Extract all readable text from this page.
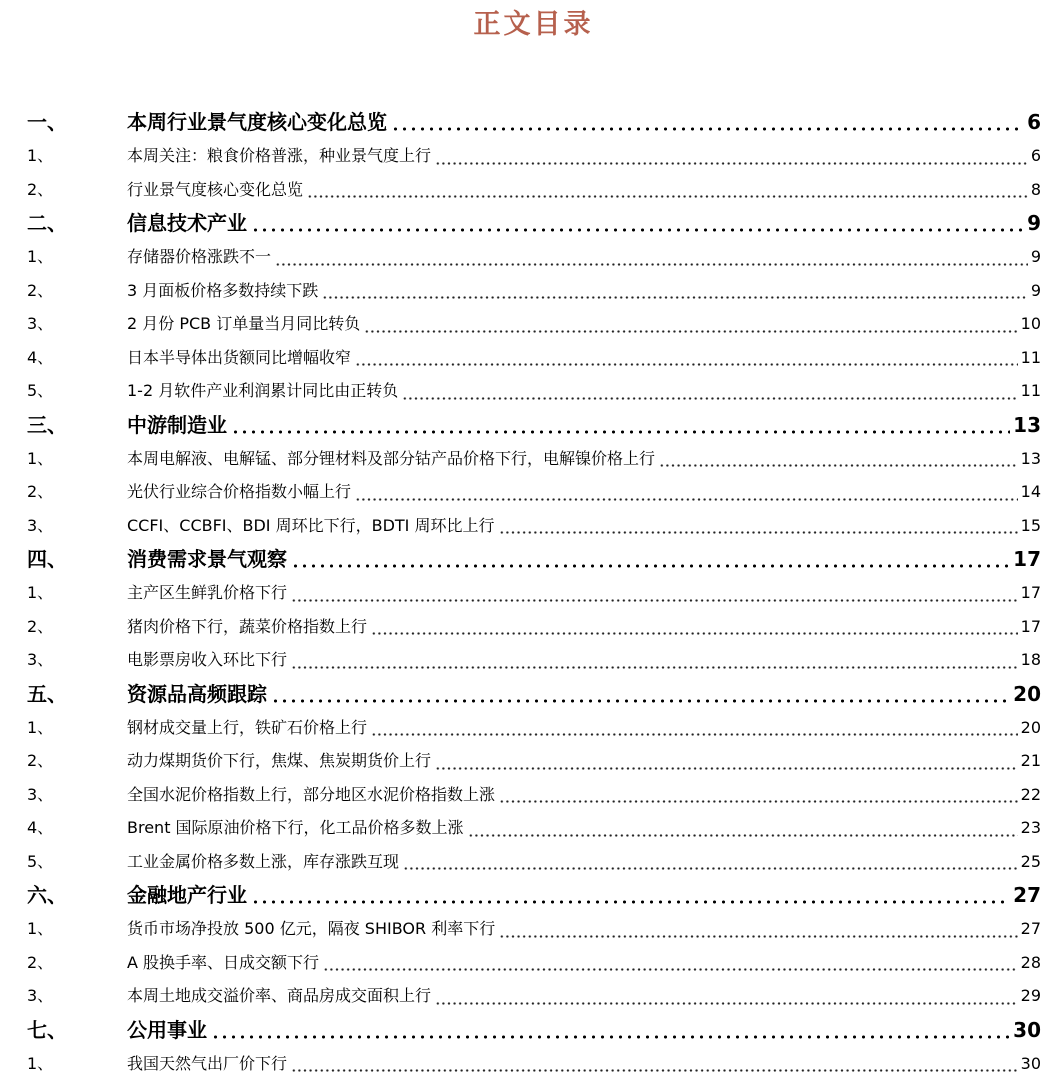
正文目录
一、	本周行业景气度核心变化总览	6
1、	本周关注：粮食价格普涨，种业景气度上行	6
2、	行业景气度核心变化总览	8
二、	信息技术产业	9
1、	存储器价格涨跌不一	9
2、	3 月面板价格多数持续下跌	9
3、	2 月份 PCB 订单量当月同比转负	10
4、	日本半导体出货额同比增幅收窄	11
5、	1-2 月软件产业利润累计同比由正转负	11
三、	中游制造业	13
1、	本周电解液、电解锰、部分锂材料及部分钴产品价格下行，电解镍价格上行	13
2、	光伏行业综合价格指数小幅上行	14
3、	CCFI、CCBFI、BDI 周环比下行，BDTI 周环比上行	15
四、	消费需求景气观察	17
1、	主产区生鲜乳价格下行	17
2、	猪肉价格下行，蔬菜价格指数上行	17
3、	电影票房收入环比下行	18
五、	资源品高频跟踪	20
1、	钢材成交量上行，铁矿石价格上行	20
2、	动力煤期货价下行，焦煤、焦炭期货价上行	21
3、	全国水泥价格指数上行，部分地区水泥价格指数上涨	22
4、	Brent 国际原油价格下行，化工品价格多数上涨	23
5、	工业金属价格多数上涨，库存涨跌互现	25
六、	金融地产行业	27
1、	货币市场净投放 500 亿元，隔夜 SHIBOR 利率下行	27
2、	A 股换手率、日成交额下行	28
3、	本周土地成交溢价率、商品房成交面积上行	29
七、	公用事业	30
1、	我国天然气出厂价下行	30
